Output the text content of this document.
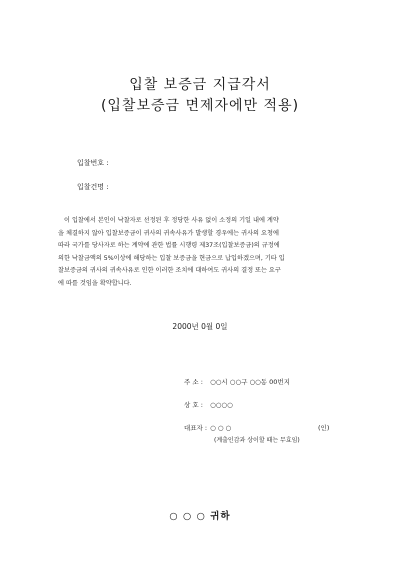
입찰 보증금 지급각서
(입찰보증금 면제자에만 적용)
입찰번호 :
입찰건명 :
이 입찰에서 본인이 낙찰자로 선정된 후 정당한 사유 없이 소정의 기일 내에 계약
을 체결하지 않아 입찰보증금이 귀사의 귀속사유가 발생할 경우에는 귀사의 요청에
따라 국가를 당사자로 하는 계약에 관한 법률 시행령 제37조(입찰보증금)의 규정에
의한 낙찰금액의 5%이상에 해당하는 입찰 보증금을 현금으로 납입하겠으며, 기타 입
찰보증금의 귀사의 귀속사유로 인한 이러한 조치에 대하여도 귀사의 결정 또는 요구
에 따를 것임을 확약합니다.
2000년 0월 0일
주 소 : ○○시 ○○구 ○○동 00번지
상 호 : ○○○○
대표자 : ○ ○ ○	(인)
(계출인감과 상이할 때는 무효임)
○ ○ ○ 귀하
